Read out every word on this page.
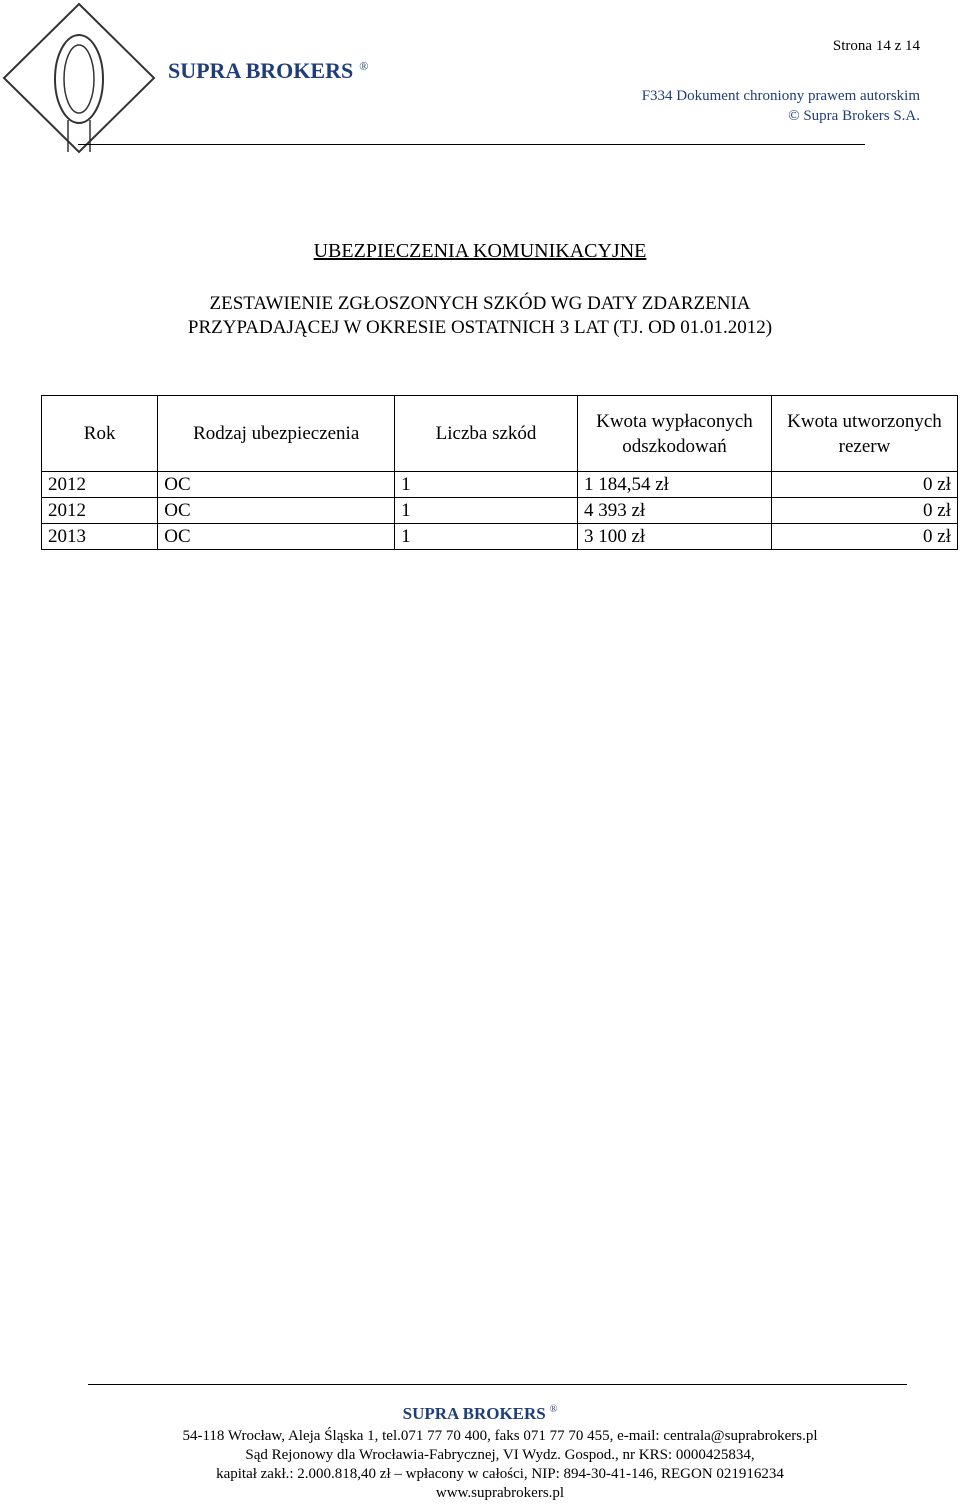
SUPRA BROKERS ®
Strona 14 z 14
F334 Dokument chroniony prawem autorskim
© Supra Brokers S.A.
UBEZPIECZENIA KOMUNIKACYJNE
ZESTAWIENIE ZGŁOSZONYCH SZKÓD WG DATY ZDARZENIA
PRZYPADAJĄCEJ W OKRESIE OSTATNICH 3 LAT (TJ. OD 01.01.2012)
Rok	Rodzaj ubezpieczenia	Liczba szkód	Kwota wypłaconych odszkodowań	Kwota utworzonych rezerw
2012	OC	1	1 184,54 zł	0 zł
2012	OC	1	4 393 zł	0 zł
2013	OC	1	3 100 zł	0 zł
SUPRA BROKERS ®
54-118 Wrocław, Aleja Śląska 1, tel.071 77 70 400, faks 071 77 70 455, e-mail: centrala@suprabrokers.pl
Sąd Rejonowy dla Wrocławia-Fabrycznej, VI Wydz. Gospod., nr KRS: 0000425834,
kapitał zakł.: 2.000.818,40 zł – wpłacony w całości, NIP: 894-30-41-146, REGON 021916234
www.suprabrokers.pl
